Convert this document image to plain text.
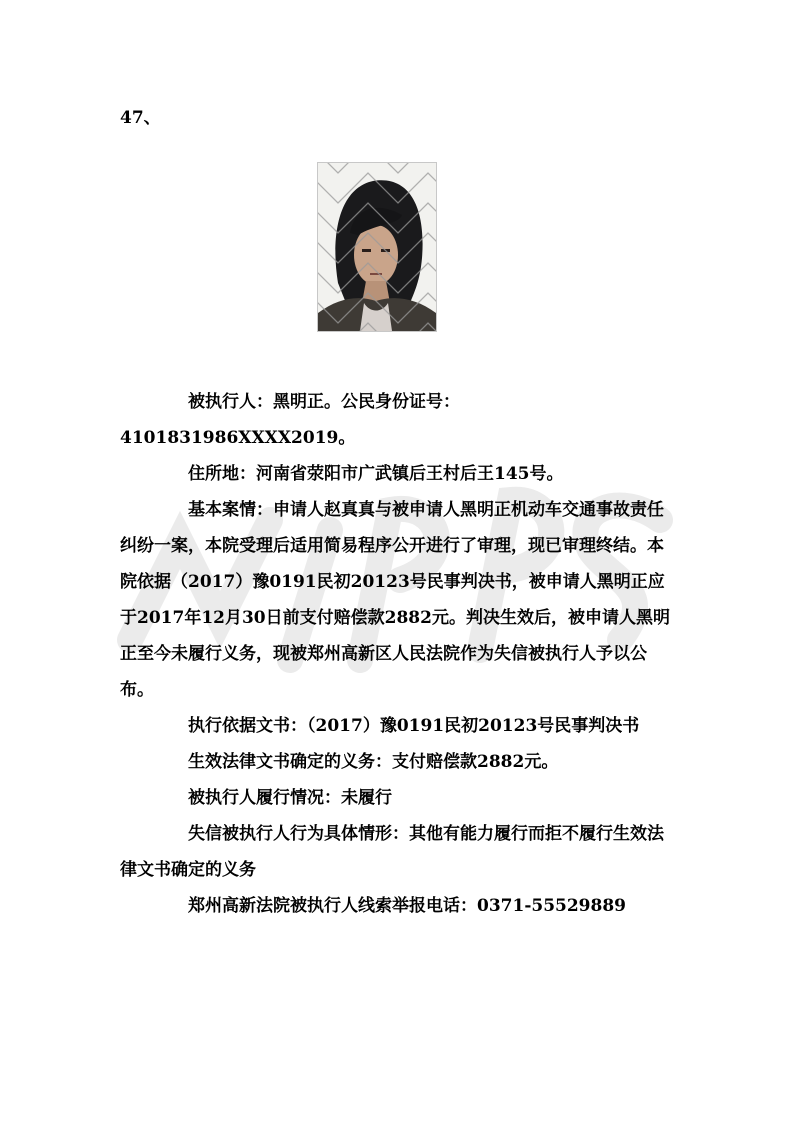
47、

被执行人：黑明正。公民身份证号：4101831986XXXX2019。

住所地：河南省荥阳市广武镇后王村后王145号。

基本案情：申请人赵真真与被申请人黑明正机动车交通事故责任纠纷一案，本院受理后适用简易程序公开进行了审理，现已审理终结。本院依据（2017）豫0191民初20123号民事判决书，被申请人黑明正应于2017年12月30日前支付赔偿款2882元。判决生效后，被申请人黑明正至今未履行义务，现被郑州高新区人民法院作为失信被执行人予以公布。

执行依据文书：（2017）豫0191民初20123号民事判决书

生效法律文书确定的义务：支付赔偿款2882元。

被执行人履行情况：未履行

失信被执行人行为具体情形：其他有能力履行而拒不履行生效法律文书确定的义务

郑州高新法院被执行人线索举报电话：0371-55529889
